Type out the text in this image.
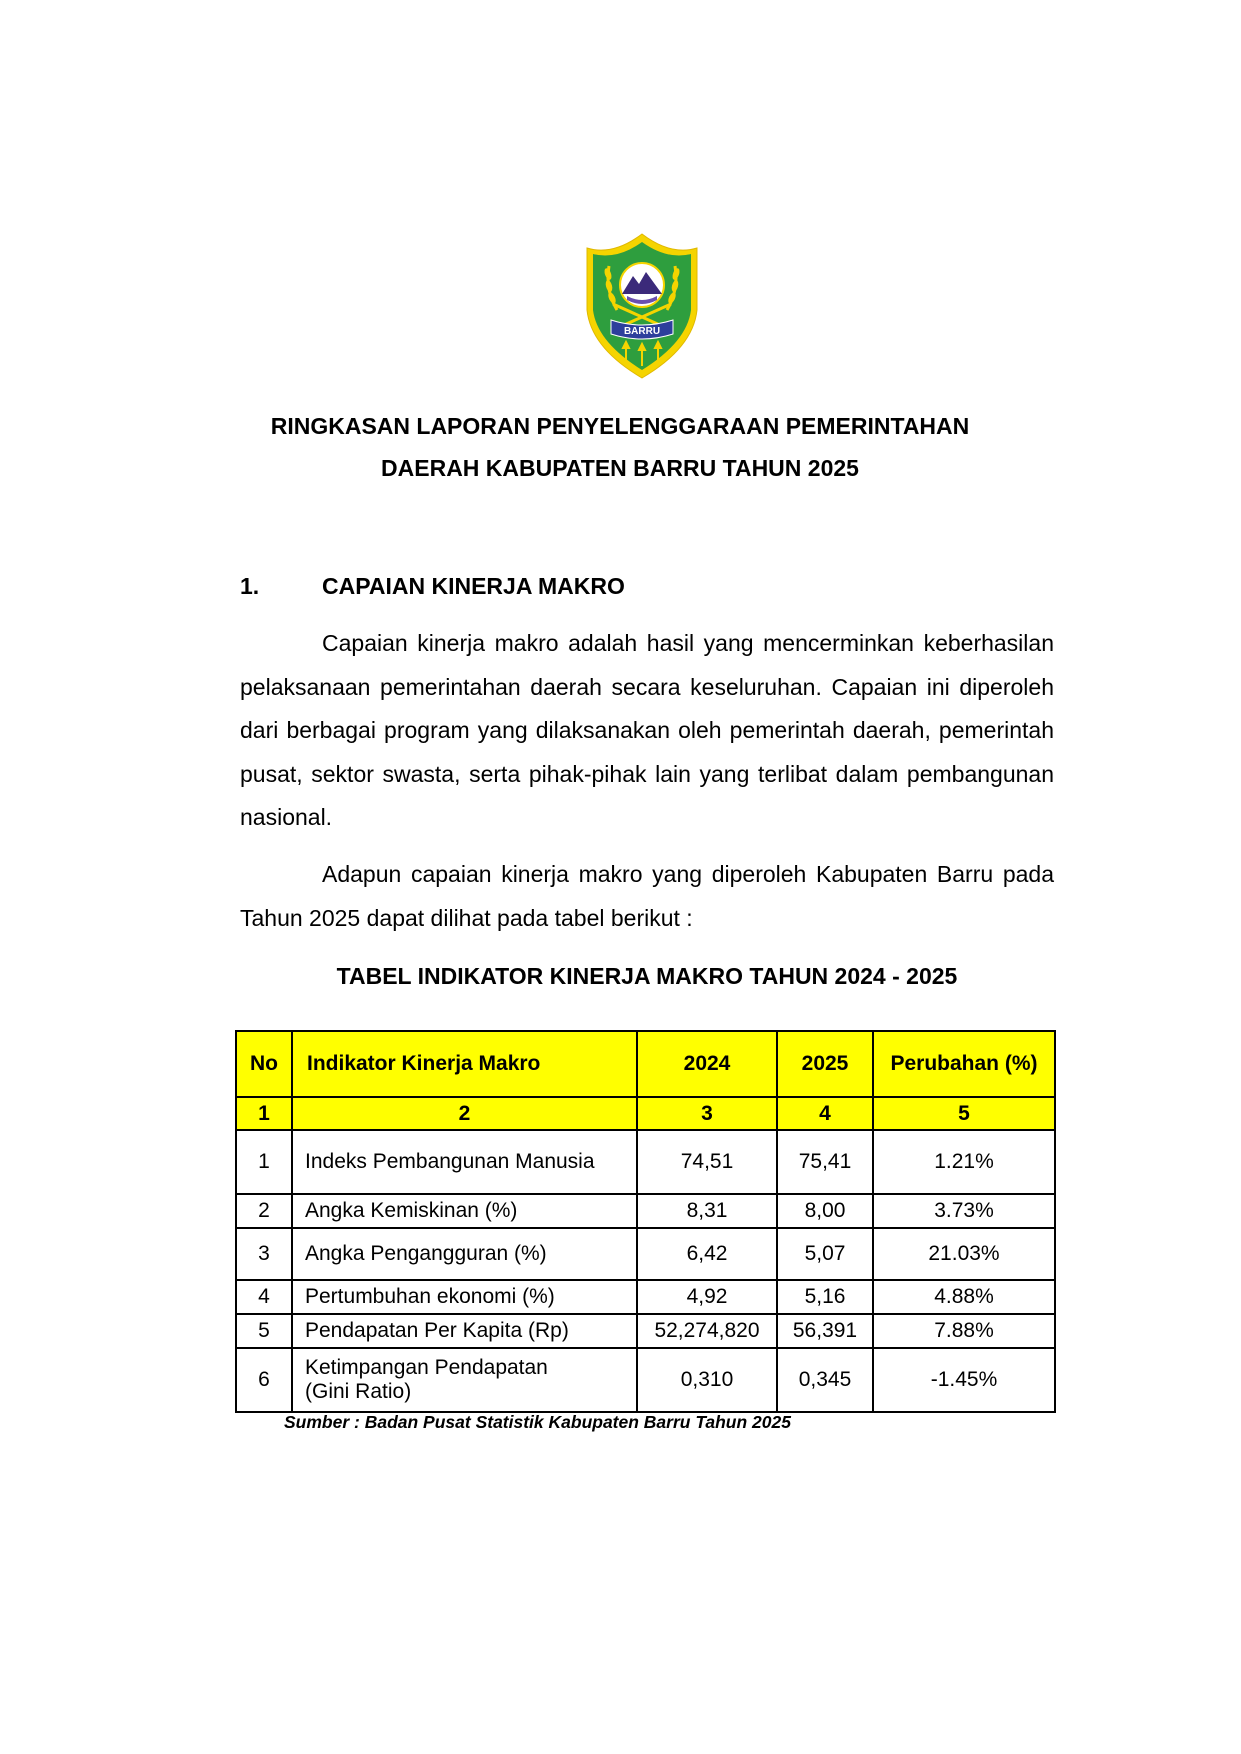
BARRU
RINGKASAN LAPORAN PENYELENGGARAAN PEMERINTAHAN
DAERAH KABUPATEN BARRU TAHUN 2025
1.	CAPAIAN KINERJA MAKRO

Capaian kinerja makro adalah hasil yang mencerminkan keberhasilan pelaksanaan pemerintahan daerah secara keseluruhan. Capaian ini diperoleh dari berbagai program yang dilaksanakan oleh pemerintah daerah, pemerintah pusat, sektor swasta, serta pihak-pihak lain yang terlibat dalam pembangunan nasional.

Adapun capaian kinerja makro yang diperoleh Kabupaten Barru pada Tahun 2025 dapat dilihat pada tabel berikut :

TABEL INDIKATOR KINERJA MAKRO TAHUN 2024 - 2025
No	Indikator Kinerja Makro	2024	2025	Perubahan (%)

1	2	3	4	5
1	Indeks Pembangunan Manusia	74,51	75,41	1.21%
2	Angka Kemiskinan (%)	8,31	8,00	3.73%
3	Angka Pengangguran (%)	6,42	5,07	21.03%
4	Pertumbuhan ekonomi (%)	4,92	5,16	4.88%
5	Pendapatan Per Kapita (Rp)	52,274,820	56,391	7.88%
6	Ketimpangan Pendapatan (Gini Ratio)	0,310	0,345	-1.45%
Sumber : Badan Pusat Statistik Kabupaten Barru Tahun 2025
